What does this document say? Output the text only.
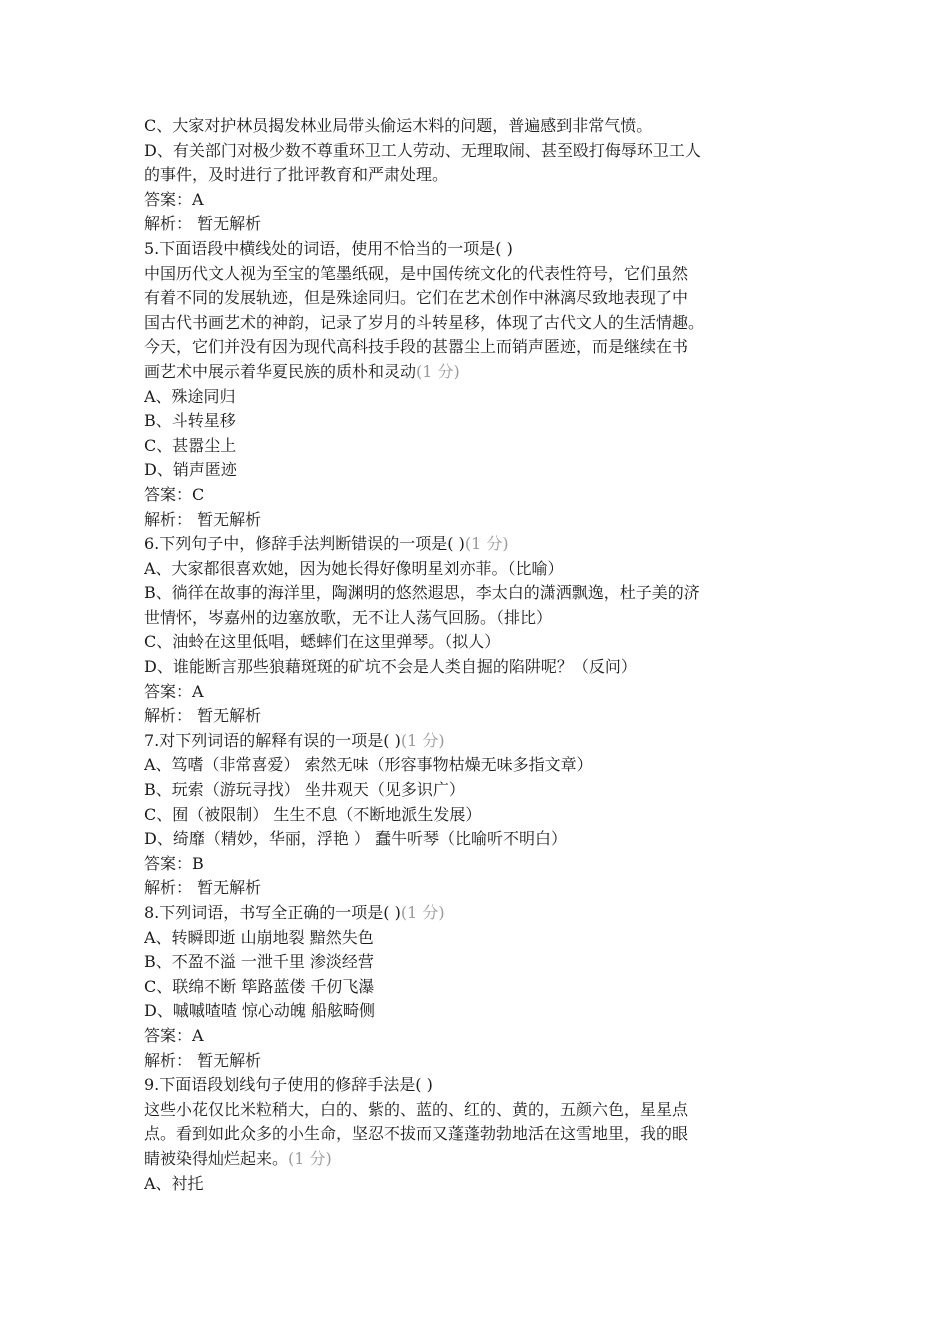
C、大家对护林员揭发林业局带头偷运木料的问题，普遍感到非常气愤。
D、有关部门对极少数不尊重环卫工人劳动、无理取闹、甚至殴打侮辱环卫工人
的事件，及时进行了批评教育和严肃处理。
答案：A
解析： 暂无解析
5.下面语段中横线处的词语，使用不恰当的一项是( )
中国历代文人视为至宝的笔墨纸砚，是中国传统文化的代表性符号，它们虽然
有着不同的发展轨迹，但是殊途同归。它们在艺术创作中淋漓尽致地表现了中
国古代书画艺术的神韵，记录了岁月的斗转星移，体现了古代文人的生活情趣。
今天，它们并没有因为现代高科技手段的甚嚣尘上而销声匿迹，而是继续在书
画艺术中展示着华夏民族的质朴和灵动(1 分)
A、殊途同归
B、斗转星移
C、甚嚣尘上
D、销声匿迹
答案：C
解析： 暂无解析
6.下列句子中，修辞手法判断错误的一项是( )(1 分)
A、大家都很喜欢她，因为她长得好像明星刘亦菲。（比喻）
B、徜徉在故事的海洋里，陶渊明的悠然遐思，李太白的潇洒飘逸，杜子美的济
世情怀，岑嘉州的边塞放歌，无不让人荡气回肠。（排比）
C、油蛉在这里低唱，蟋蟀们在这里弹琴。（拟人）
D、谁能断言那些狼藉斑斑的矿坑不会是人类自掘的陷阱呢？（反问）
答案：A
解析： 暂无解析
7.对下列词语的解释有误的一项是( )(1 分)
A、笃嗜（非常喜爱） 索然无味（形容事物枯燥无味多指文章）
B、玩索（游玩寻找） 坐井观天（见多识广）
C、囿（被限制） 生生不息（不断地派生发展）
D、绮靡（精妙，华丽，浮艳 ） 蠢牛听琴（比喻听不明白）
答案：B
解析： 暂无解析
8.下列词语，书写全正确的一项是( )(1 分)
A、转瞬即逝 山崩地裂 黯然失色
B、不盈不溢 一泄千里 渗淡经营
C、联绵不断 筚路蓝偻 千仞飞瀑
D、嘁嘁喳喳 惊心动魄 船舷畸侧
答案：A
解析： 暂无解析
9.下面语段划线句子使用的修辞手法是( )
这些小花仅比米粒稍大，白的、紫的、蓝的、红的、黄的，五颜六色，星星点
点。看到如此众多的小生命，坚忍不拔而又蓬蓬勃勃地活在这雪地里，我的眼
睛被染得灿烂起来。(1 分)
A、衬托
